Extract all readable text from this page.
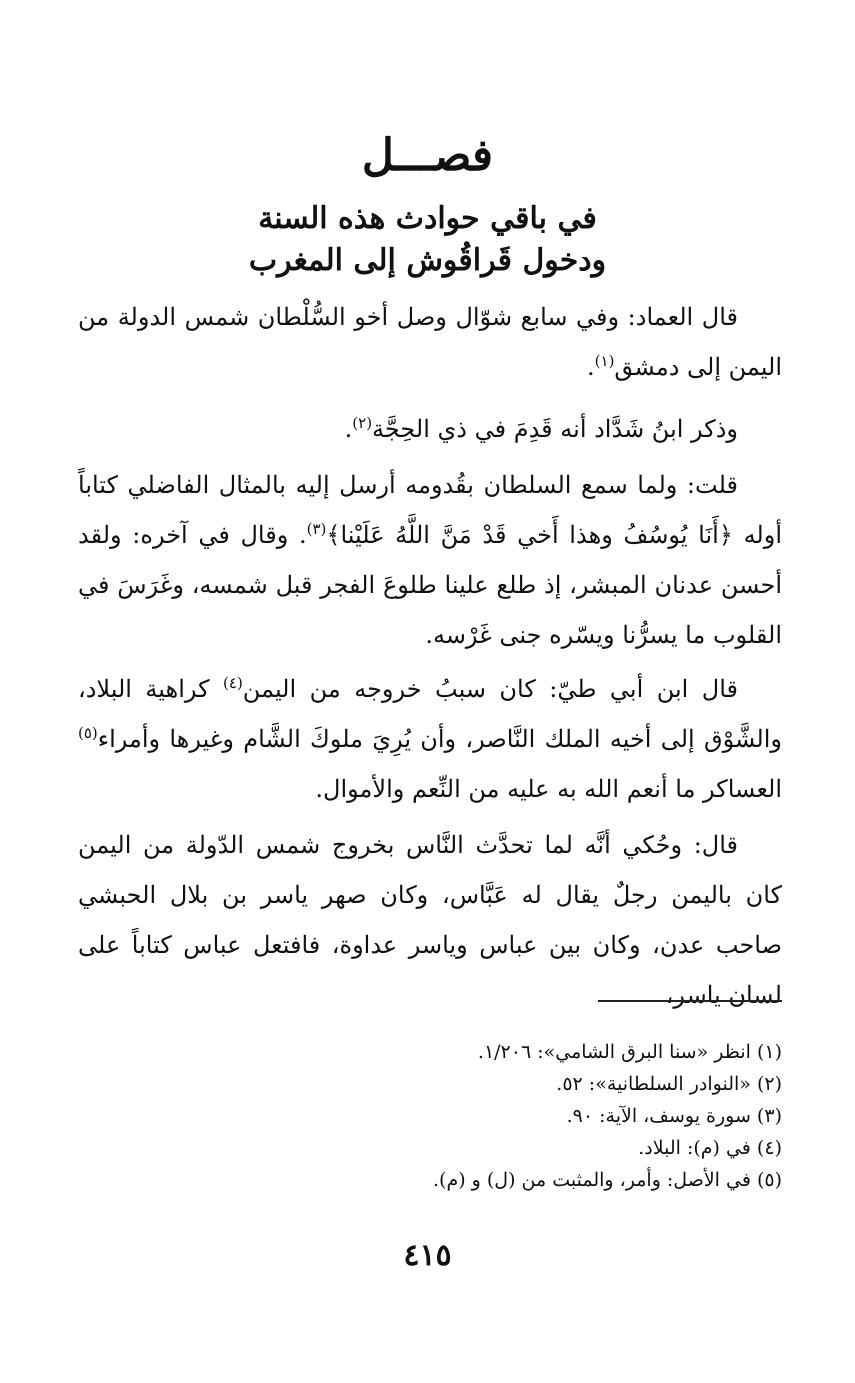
فصـــل
في باقي حوادث هذه السنة
ودخول قَراقُوش إلى المغرب
قال العماد: وفي سابع شوّال وصل أخو السُّلْطان شمس الدولة من اليمن إلى دمشق$^{(١)}$.
وذكر ابنُ شَدَّاد أنه قَدِمَ في ذي الحِجَّة$^{(٢)}$.
قلت: ولما سمع السلطان بقُدومه أرسل إليه بالمثال الفاضلي كتاباً أوله ﴿أَنَا يُوسُفُ وهذا أَخي قَدْ مَنَّ اللَّهُ عَلَيْنا﴾$^{(٣)}$. وقال في آخره: ولقد أحسن عدنان المبشر، إذ طلع علينا طلوعَ الفجر قبل شمسه، وغَرَسَ في القلوب ما يسرُّنا ويسّره جنى غَرْسه.
قال ابن أبي طيّ: كان سببُ خروجه من اليمن$^{(٤)}$ كراهية البلاد، والشَّوْق إلى أخيه الملك النَّاصر، وأن يُرِيَ ملوكَ الشَّام وغيرها وأمراء$^{(٥)}$ العساكر ما أنعم الله به عليه من النِّعم والأموال.
قال: وحُكي أنَّه لما تحدَّث النَّاس بخروج شمس الدّولة من اليمن كان باليمن رجلٌ يقال له عَبَّاس، وكان صهر ياسر بن بلال الحبشي صاحب عدن، وكان بين عباس وياسر عداوة، فافتعل عباس كتاباً على لسان ياسر،
(١) انظر «سنا البرق الشامي»: ١/٢٠٦.
(٢) «النوادر السلطانية»: ٥٢.
(٣) سورة يوسف، الآية: ٩٠.
(٤) في (م): البلاد.
(٥) في الأصل: وأمر، والمثبت من (ل) و (م).
٤١٥
